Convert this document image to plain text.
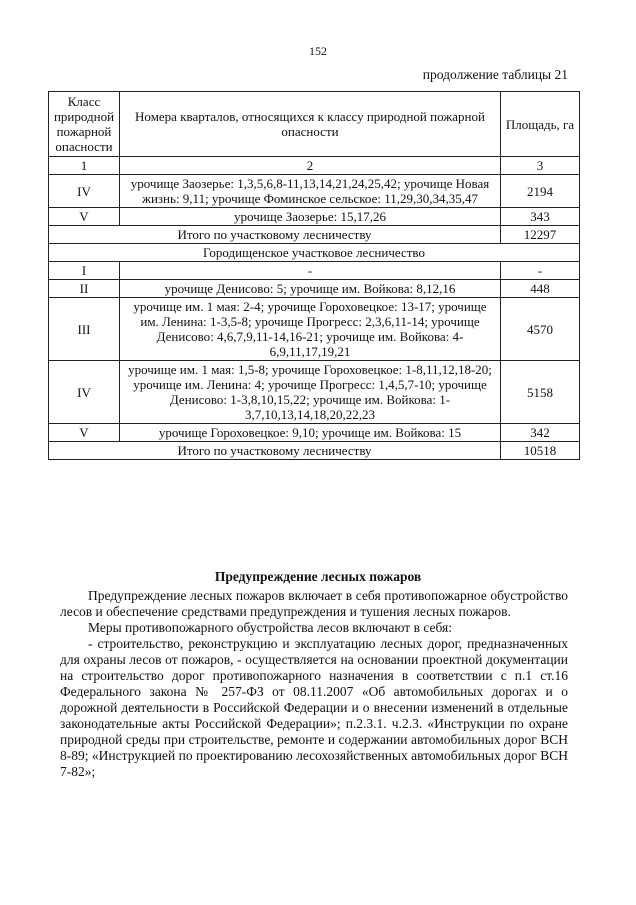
152
продолжение таблицы 21
Класс природной пожарной опасности	Номера кварталов, относящихся к классу природной пожарной опасности	Площадь, га
1	2	3
IV	урочище Заозерье: 1,3,5,6,8-11,13,14,21,24,25,42; урочище Новая жизнь: 9,11; урочище Фоминское сельское: 11,29,30,34,35,47	2194
V	урочище Заозерье: 15,17,26	343
Итого по участковому лесничеству		12297
Городищенское участковое лесничество		
I	-	-
II	урочище Денисово: 5; урочище им. Войкова: 8,12,16	448
III	урочище им. 1 мая: 2-4; урочище Гороховецкое: 13-17; урочище им. Ленина: 1-3,5-8; урочище Прогресс: 2,3,6,11-14; урочище Денисово: 4,6,7,9,11-14,16-21; урочище им. Войкова: 4-6,9,11,17,19,21	4570
IV	урочище им. 1 мая: 1,5-8; урочище Гороховецкое: 1-8,11,12,18-20; урочище им. Ленина: 4; урочище Прогресс: 1,4,5,7-10; урочище Денисово: 1-3,8,10,15,22; урочище им. Войкова: 1-3,7,10,13,14,18,20,22,23	5158
V	урочище Гороховецкое: 9,10; урочище им. Войкова: 15	342
Итого по участковому лесничеству		10518
Предупреждение лесных пожаров

Предупреждение лесных пожаров включает в себя противопожарное обустройство лесов и обеспечение средствами предупреждения и тушения лесных пожаров.

Меры противопожарного обустройства лесов включают в себя:

- строительство, реконструкцию и эксплуатацию лесных дорог, предназначенных для охраны лесов от пожаров, - осуществляется на основании проектной документации на строительство дорог противопожарного назначения в соответствии с п.1 ст.16 Федерального закона № 257-ФЗ от 08.11.2007 «Об автомобильных дорогах и о дорожной деятельности в Российской Федерации и о внесении изменений в отдельные законодательные акты Российской Федерации»; п.2.3.1. ч.2.3. «Инструкции по охране природной среды при строительстве, ремонте и содержании автомобильных дорог ВСН 8-89; «Инструкцией по проектированию лесохозяйственных автомобильных дорог ВСН 7-82»;
